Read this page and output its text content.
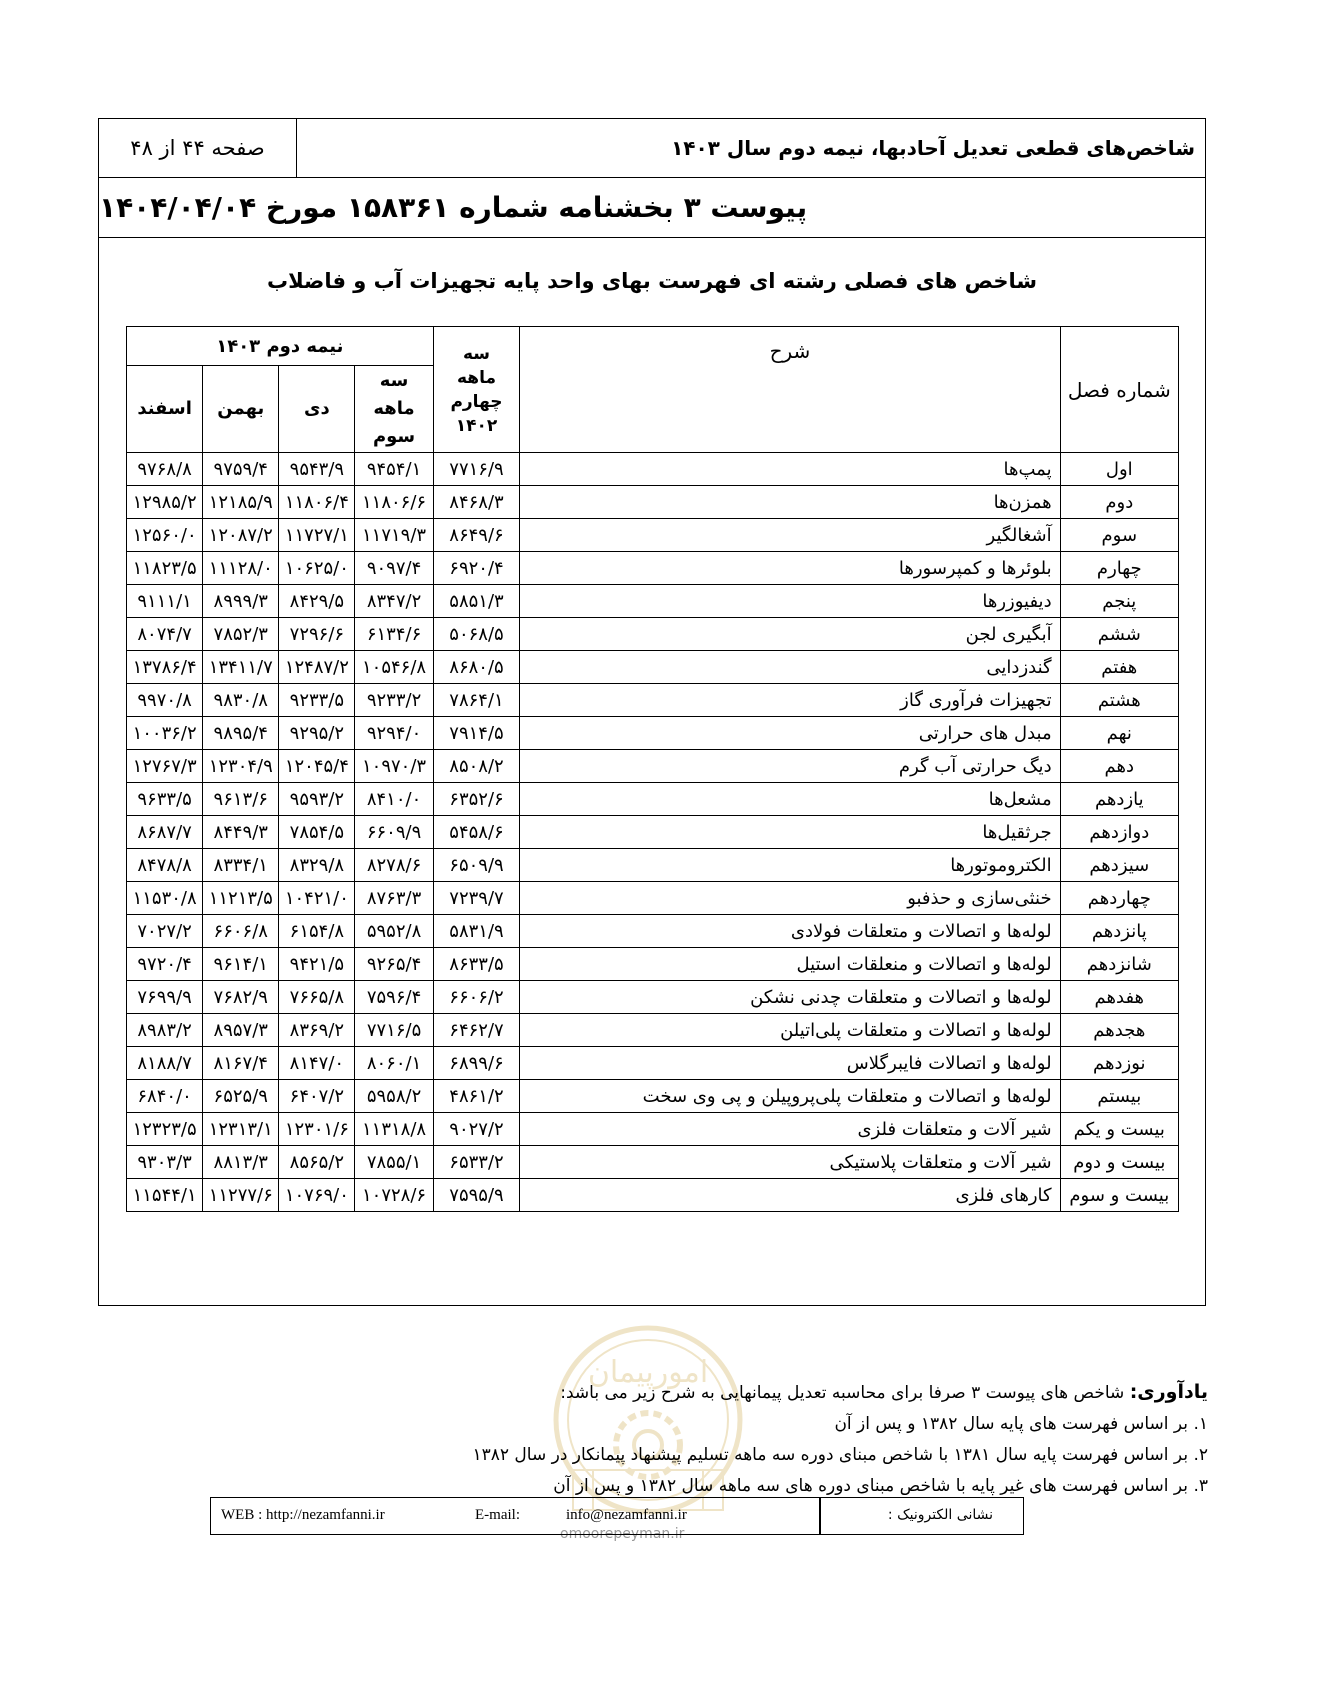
صفحه ۴۴ از ۴۸	شاخص‌های قطعی تعدیل آحادبها، نیمه دوم سال ۱۴۰۳
پیوست ۳ بخشنامه شماره ۱۵۸۳۶۱ مورخ ۱۴۰۴/۰۴/۰۴
شاخص های فصلی رشته ای فهرست بهای واحد پایه تجهیزات آب و فاضلاب
شماره فصل	شرح	سه ماهه چهارم ۱۴۰۲	نیمه دوم ۱۴۰۳			

			سه ماهه سوم	دی	بهمن	اسفند
اول	پمپ‌ها	۷۷۱۶/۹	۹۴۵۴/۱	۹۵۴۳/۹	۹۷۵۹/۴	۹۷۶۸/۸
دوم	همزن‌ها	۸۴۶۸/۳	۱۱۸۰۶/۶	۱۱۸۰۶/۴	۱۲۱۸۵/۹	۱۲۹۸۵/۲
سوم	آشغالگیر	۸۶۴۹/۶	۱۱۷۱۹/۳	۱۱۷۲۷/۱	۱۲۰۸۷/۲	۱۲۵۶۰/۰
چهارم	بلوئرها و کمپرسورها	۶۹۲۰/۴	۹۰۹۷/۴	۱۰۶۲۵/۰	۱۱۱۲۸/۰	۱۱۸۲۳/۵
پنجم	دیفیوزرها	۵۸۵۱/۳	۸۳۴۷/۲	۸۴۲۹/۵	۸۹۹۹/۳	۹۱۱۱/۱
ششم	آبگیری لجن	۵۰۶۸/۵	۶۱۳۴/۶	۷۲۹۶/۶	۷۸۵۲/۳	۸۰۷۴/۷
هفتم	گندزدایی	۸۶۸۰/۵	۱۰۵۴۶/۸	۱۲۴۸۷/۲	۱۳۴۱۱/۷	۱۳۷۸۶/۴
هشتم	تجهیزات فرآوری گاز	۷۸۶۴/۱	۹۲۳۳/۲	۹۲۳۳/۵	۹۸۳۰/۸	۹۹۷۰/۸
نهم	مبدل های حرارتی	۷۹۱۴/۵	۹۲۹۴/۰	۹۲۹۵/۲	۹۸۹۵/۴	۱۰۰۳۶/۲
دهم	دیگ حرارتی آب گرم	۸۵۰۸/۲	۱۰۹۷۰/۳	۱۲۰۴۵/۴	۱۲۳۰۴/۹	۱۲۷۶۷/۳
یازدهم	مشعل‌ها	۶۳۵۲/۶	۸۴۱۰/۰	۹۵۹۳/۲	۹۶۱۳/۶	۹۶۳۳/۵
دوازدهم	جرثقیل‌ها	۵۴۵۸/۶	۶۶۰۹/۹	۷۸۵۴/۵	۸۴۴۹/۳	۸۶۸۷/۷
سیزدهم	الکتروموتورها	۶۵۰۹/۹	۸۲۷۸/۶	۸۳۲۹/۸	۸۳۳۴/۱	۸۴۷۸/۸
چهاردهم	خنثی‌سازی و حذفبو	۷۲۳۹/۷	۸۷۶۳/۳	۱۰۴۲۱/۰	۱۱۲۱۳/۵	۱۱۵۳۰/۸
پانزدهم	لوله‌ها و اتصالات و متعلقات فولادی	۵۸۳۱/۹	۵۹۵۲/۸	۶۱۵۴/۸	۶۶۰۶/۸	۷۰۲۷/۲
شانزدهم	لوله‌ها و اتصالات و منعلقات استیل	۸۶۳۳/۵	۹۲۶۵/۴	۹۴۲۱/۵	۹۶۱۴/۱	۹۷۲۰/۴
هفدهم	لوله‌ها و اتصالات و متعلقات چدنی نشکن	۶۶۰۶/۲	۷۵۹۶/۴	۷۶۶۵/۸	۷۶۸۲/۹	۷۶۹۹/۹
هجدهم	لوله‌ها و اتصالات و متعلقات پلی‌اتیلن	۶۴۶۲/۷	۷۷۱۶/۵	۸۳۶۹/۲	۸۹۵۷/۳	۸۹۸۳/۲
نوزدهم	لوله‌ها و اتصالات فایبرگلاس	۶۸۹۹/۶	۸۰۶۰/۱	۸۱۴۷/۰	۸۱۶۷/۴	۸۱۸۸/۷
بیستم	لوله‌ها و اتصالات و متعلقات پلی‌پروپیلن و پی وی سخت	۴۸۶۱/۲	۵۹۵۸/۲	۶۴۰۷/۲	۶۵۲۵/۹	۶۸۴۰/۰
بیست و یکم	شیر آلات و متعلقات فلزی	۹۰۲۷/۲	۱۱۳۱۸/۸	۱۲۳۰۱/۶	۱۲۳۱۳/۱	۱۲۳۲۳/۵
بیست و دوم	شیر آلات و متعلقات پلاستیکی	۶۵۳۳/۲	۷۸۵۵/۱	۸۵۶۵/۲	۸۸۱۳/۳	۹۳۰۳/۳
بیست و سوم	کارهای فلزی	۷۵۹۵/۹	۱۰۷۲۸/۶	۱۰۷۶۹/۰	۱۱۲۷۷/۶	۱۱۵۴۴/۱
امورپیمان
omoorepeyman.ir
یادآوری: شاخص های پیوست ۳ صرفا برای محاسبه تعدیل پیمانهایی به شرح زیر می باشد:
۱. بر اساس فهرست های پایه سال ۱۳۸۲ و پس از آن
۲. بر اساس فهرست پایه سال ۱۳۸۱ با شاخص مبنای دوره سه ماهه تسلیم پیشنهاد پیمانکار در سال ۱۳۸۲
۳. بر اساس فهرست های غیر پایه با شاخص مبنای دوره های سه ماهه سال ۱۳۸۲ و پس از آن
WEB : http://nezamfanni.ir	E-mail:	info@nezamfanni.ir	نشانی الکترونیک :
